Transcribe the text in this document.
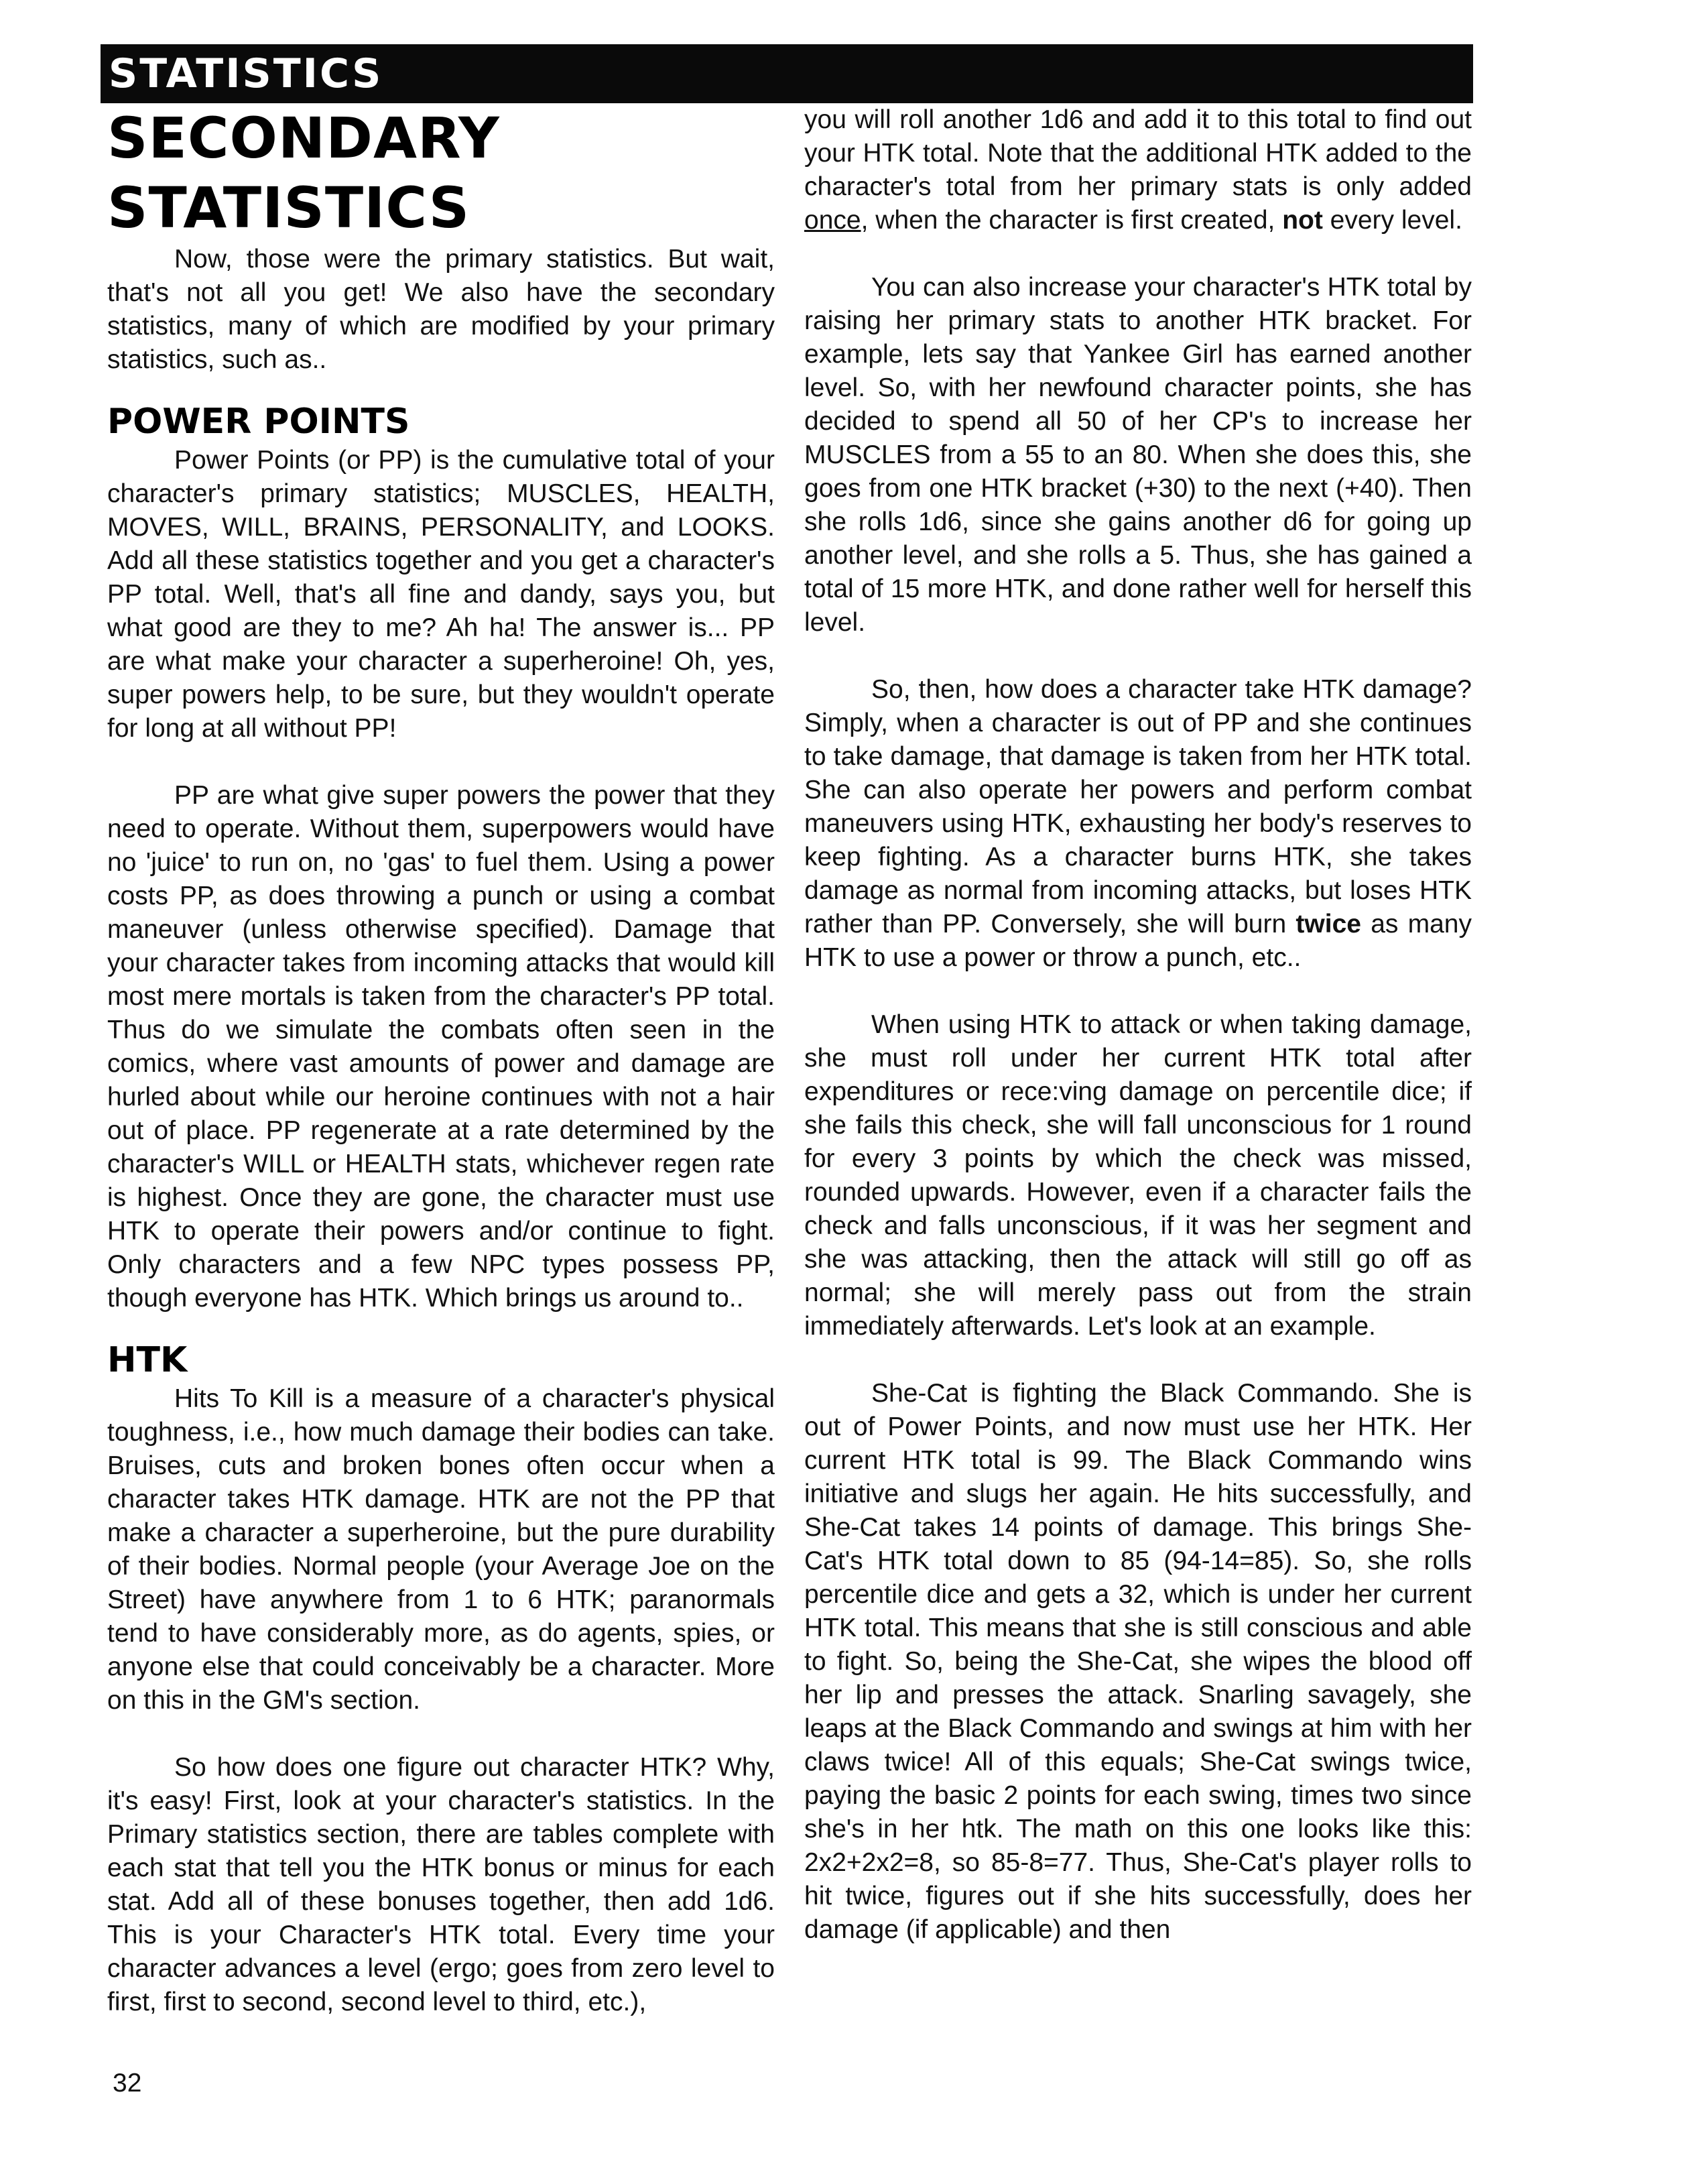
STATISTICS
SECONDARY STATISTICS

Now, those were the primary statistics. But wait, that's not all you get! We also have the secondary statistics, many of which are modified by your primary statistics, such as..

POWER POINTS

Power Points (or PP) is the cumulative total of your character's primary statistics; MUSCLES, HEALTH, MOVES, WILL, BRAINS, PERSONALITY, and LOOKS. Add all these statistics together and you get a character's PP total. Well, that's all fine and dandy, says you, but what good are they to me? Ah ha! The answer is... PP are what make your character a superheroine! Oh, yes, super powers help, to be sure, but they wouldn't operate for long at all without PP!

PP are what give super powers the power that they need to operate. Without them, superpowers would have no 'juice' to run on, no 'gas' to fuel them. Using a power costs PP, as does throwing a punch or using a combat maneuver (unless otherwise specified). Damage that your character takes from incoming attacks that would kill most mere mortals is taken from the character's PP total. Thus do we simulate the combats often seen in the comics, where vast amounts of power and damage are hurled about while our heroine continues with not a hair out of place. PP regenerate at a rate determined by the character's WILL or HEALTH stats, whichever regen rate is highest. Once they are gone, the character must use HTK to operate their powers and/or continue to fight. Only characters and a few NPC types possess PP, though everyone has HTK. Which brings us around to..

HTK

Hits To Kill is a measure of a character's physical toughness, i.e., how much damage their bodies can take. Bruises, cuts and broken bones often occur when a character takes HTK damage. HTK are not the PP that make a character a superheroine, but the pure durability of their bodies. Normal people (your Average Joe on the Street) have anywhere from 1 to 6 HTK; paranormals tend to have considerably more, as do agents, spies, or anyone else that could conceivably be a character. More on this in the GM's section.

So how does one figure out character HTK? Why, it's easy! First, look at your character's statistics. In the Primary statistics section, there are tables complete with each stat that tell you the HTK bonus or minus for each stat. Add all of these bonuses together, then add 1d6. This is your Character's HTK total. Every time your character advances a level (ergo; goes from zero level to first, first to second, second level to third, etc.),

you will roll another 1d6 and add it to this total to find out your HTK total. Note that the additional HTK added to the character's total from her primary stats is only added once, when the character is first created, not every level.

You can also increase your character's HTK total by raising her primary stats to another HTK bracket. For example, lets say that Yankee Girl has earned another level. So, with her newfound character points, she has decided to spend all 50 of her CP's to increase her MUSCLES from a 55 to an 80. When she does this, she goes from one HTK bracket (+30) to the next (+40). Then she rolls 1d6, since she gains another d6 for going up another level, and she rolls a 5. Thus, she has gained a total of 15 more HTK, and done rather well for herself this level.

So, then, how does a character take HTK damage? Simply, when a character is out of PP and she continues to take damage, that damage is taken from her HTK total. She can also operate her powers and perform combat maneuvers using HTK, exhausting her body's reserves to keep fighting. As a character burns HTK, she takes damage as normal from incoming attacks, but loses HTK rather than PP. Conversely, she will burn twice as many HTK to use a power or throw a punch, etc..

When using HTK to attack or when taking damage, she must roll under her current HTK total after expenditures or rece:ving damage on percentile dice; if she fails this check, she will fall unconscious for 1 round for every 3 points by which the check was missed, rounded upwards. However, even if a character fails the check and falls unconscious, if it was her segment and she was attacking, then the attack will still go off as normal; she will merely pass out from the strain immediately afterwards. Let's look at an example.

She-Cat is fighting the Black Commando. She is out of Power Points, and now must use her HTK. Her current HTK total is 99. The Black Commando wins initiative and slugs her again. He hits successfully, and She-Cat takes 14 points of damage. This brings She-Cat's HTK total down to 85 (94-14=85). So, she rolls percentile dice and gets a 32, which is under her current HTK total. This means that she is still conscious and able to fight. So, being the She-Cat, she wipes the blood off her lip and presses the attack. Snarling savagely, she leaps at the Black Commando and swings at him with her claws twice! All of this equals; She-Cat swings twice, paying the basic 2 points for each swing, times two since she's in her htk. The math on this one looks like this: 2x2+2x2=8, so 85-8=77. Thus, She-Cat's player rolls to hit twice, figures out if she hits successfully, does her damage (if applicable) and then

32
